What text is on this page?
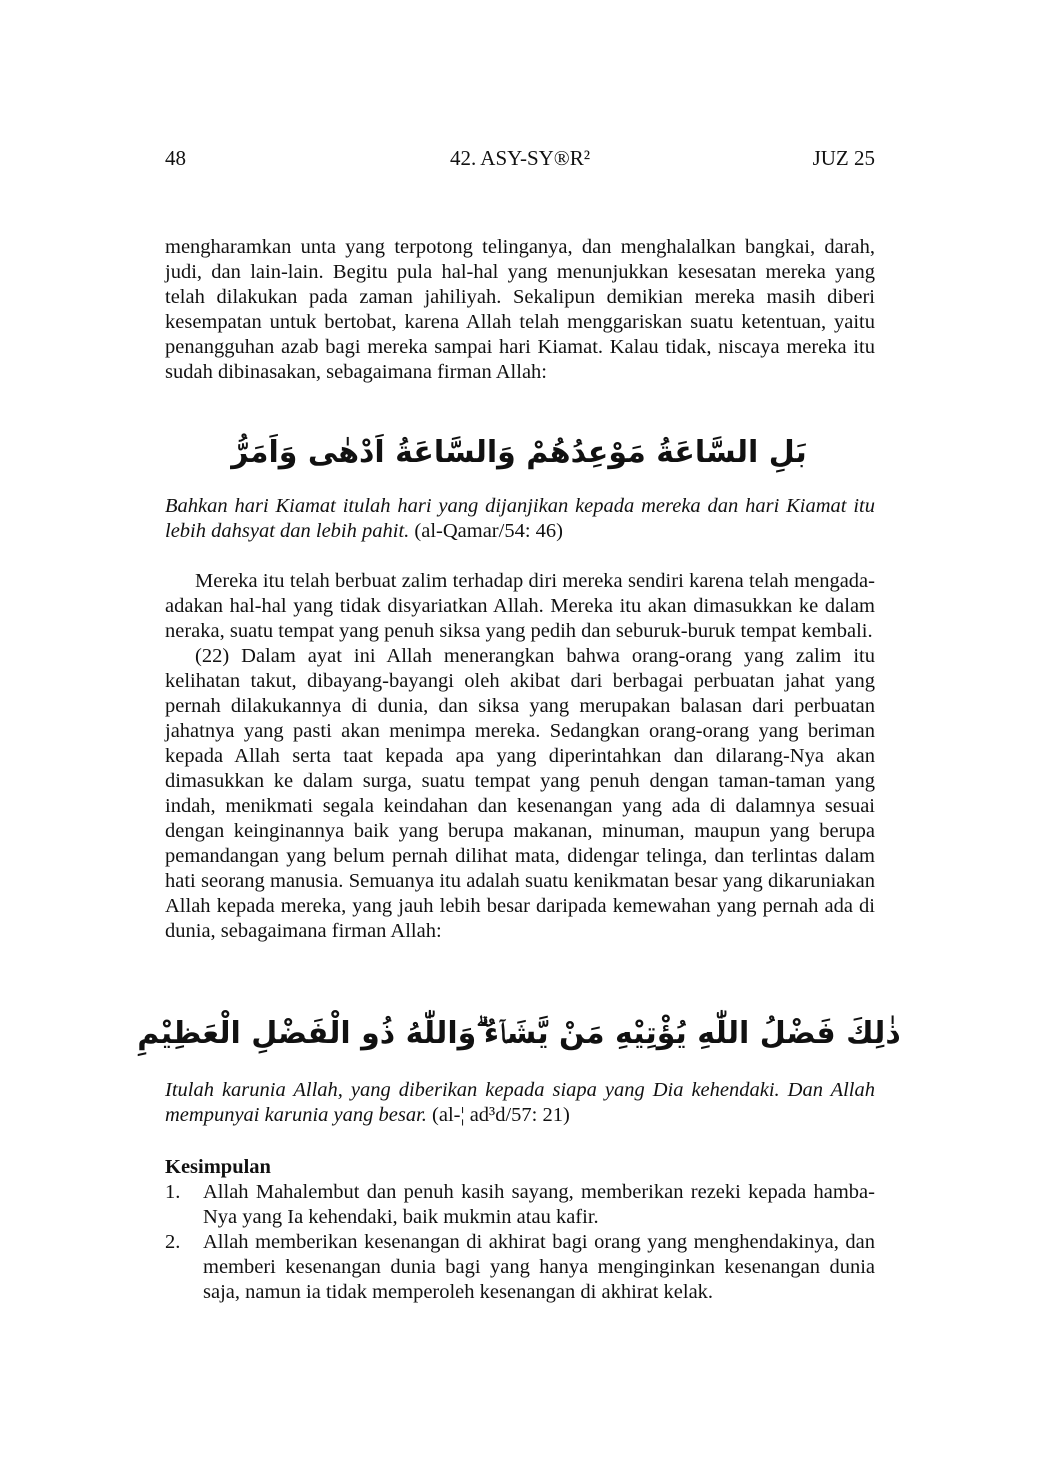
48	42. ASY-SY®R²	JUZ 25

mengharamkan unta yang terpotong telinganya, dan menghalalkan bangkai, darah, judi, dan lain-lain. Begitu pula hal-hal yang menunjukkan kesesatan mereka yang telah dilakukan pada zaman jahiliyah. Sekalipun demikian mereka masih diberi kesempatan untuk bertobat, karena Allah telah menggariskan suatu ketentuan, yaitu penangguhan azab bagi mereka sampai hari Kiamat. Kalau tidak, niscaya mereka itu sudah dibinasakan, sebagaimana firman Allah:

بَلِ السَّاعَةُ مَوْعِدُهُمْ وَالسَّاعَةُ اَدْهٰى وَاَمَرُّ

Bahkan hari Kiamat itulah hari yang dijanjikan kepada mereka dan hari Kiamat itu lebih dahsyat dan lebih pahit. (al-Qamar/54: 46)

Mereka itu telah berbuat zalim terhadap diri mereka sendiri karena telah mengada-adakan hal-hal yang tidak disyariatkan Allah. Mereka itu akan dimasukkan ke dalam neraka, suatu tempat yang penuh siksa yang pedih dan seburuk-buruk tempat kembali.

(22) Dalam ayat ini Allah menerangkan bahwa orang-orang yang zalim itu kelihatan takut, dibayang-bayangi oleh akibat dari berbagai perbuatan jahat yang pernah dilakukannya di dunia, dan siksa yang merupakan balasan dari perbuatan jahatnya yang pasti akan menimpa mereka. Sedangkan orang-orang yang beriman kepada Allah serta taat kepada apa yang diperintahkan dan dilarang-Nya akan dimasukkan ke dalam surga, suatu tempat yang penuh dengan taman-taman yang indah, menikmati segala keindahan dan kesenangan yang ada di dalamnya sesuai dengan keinginannya baik yang berupa makanan, minuman, maupun yang berupa pemandangan yang belum pernah dilihat mata, didengar telinga, dan terlintas dalam hati seorang manusia. Semuanya itu adalah suatu kenikmatan besar yang dikaruniakan Allah kepada mereka, yang jauh lebih besar daripada kemewahan yang pernah ada di dunia, sebagaimana firman Allah:

ذٰلِكَ فَضْلُ اللّٰهِ يُؤْتِيْهِ مَنْ يَّشَاۤءُ ۗوَاللّٰهُ ذُو الْفَضْلِ الْعَظِيْمِ

Itulah karunia Allah, yang diberikan kepada siapa yang Dia kehendaki. Dan Allah mempunyai karunia yang besar. (al-¦ ad³d/57: 21)

Kesimpulan
1. Allah Mahalembut dan penuh kasih sayang, memberikan rezeki kepada hamba-Nya yang Ia kehendaki, baik mukmin atau kafir.
2. Allah memberikan kesenangan di akhirat bagi orang yang menghendakinya, dan memberi kesenangan dunia bagi yang hanya menginginkan kesenangan dunia saja, namun ia tidak memperoleh kesenangan di akhirat kelak.
